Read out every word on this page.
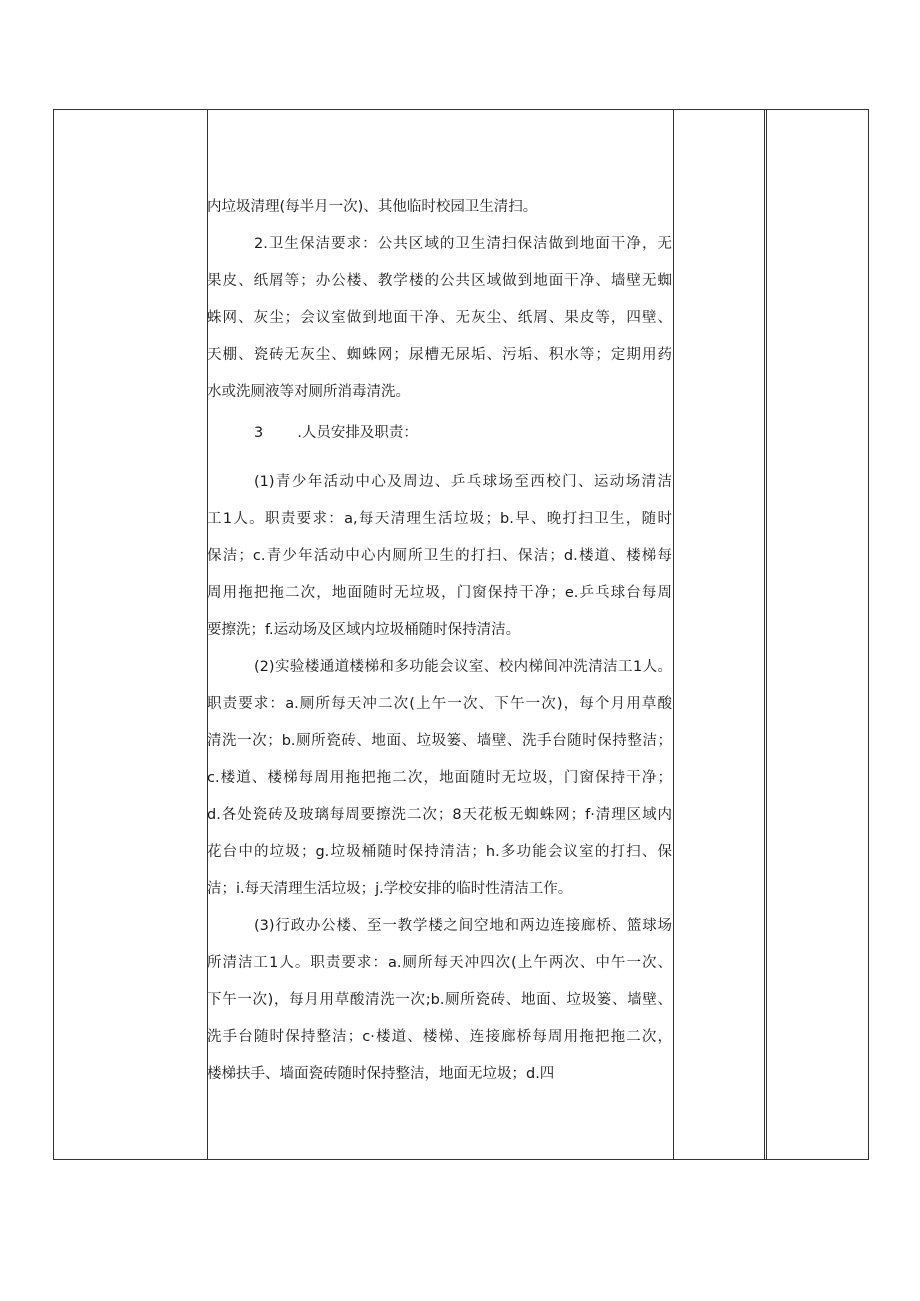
内垃圾清理(每半月一次)、其他临时校园卫生清扫。
2.卫生保洁要求：公共区域的卫生清扫保洁做到地面干净，无
果皮、纸屑等；办公楼、教学楼的公共区域做到地面干净、墙壁无蜘
蛛网、灰尘；会议室做到地面干净、无灰尘、纸屑、果皮等，四壁、
天棚、瓷砖无灰尘、蜘蛛网；尿槽无尿垢、污垢、积水等；定期用药
水或洗厕液等对厕所消毒清洗。
3 .人员安排及职责：
(1)青少年活动中心及周边、乒乓球场至西校门、运动场清洁
工1人。职责要求：a,每天清理生活垃圾；b.早、晚打扫卫生，随时
保洁；c.青少年活动中心内厕所卫生的打扫、保洁；d.楼道、楼梯每
周用拖把拖二次，地面随时无垃圾，门窗保持干净；e.乒乓球台每周
要擦洗；f.运动场及区域内垃圾桶随时保持清洁。
(2)实验楼通道楼梯和多功能会议室、校内梯间冲洗清洁工1人。
职责要求：a.厕所每天冲二次(上午一次、下午一次)，每个月用草酸
清洗一次；b.厕所瓷砖、地面、垃圾篓、墙壁、洗手台随时保持整洁；
c.楼道、楼梯每周用拖把拖二次，地面随时无垃圾，门窗保持干净；
d.各处瓷砖及玻璃每周要擦洗二次；8天花板无蜘蛛网；f·清理区域内
花台中的垃圾；g.垃圾桶随时保持清洁；h.多功能会议室的打扫、保
洁；i.每天清理生活垃圾；j.学校安排的临时性清洁工作。
(3)行政办公楼、至一教学楼之间空地和两边连接廊桥、篮球场
所清洁工1人。职责要求：a.厕所每天冲四次(上午两次、中午一次、
下午一次)，每月用草酸清洗一次;b.厕所瓷砖、地面、垃圾篓、墙壁、
洗手台随时保持整洁；c·楼道、楼梯、连接廊桥每周用拖把拖二次，
楼梯扶手、墙面瓷砖随时保持整洁，地面无垃圾；d.四
